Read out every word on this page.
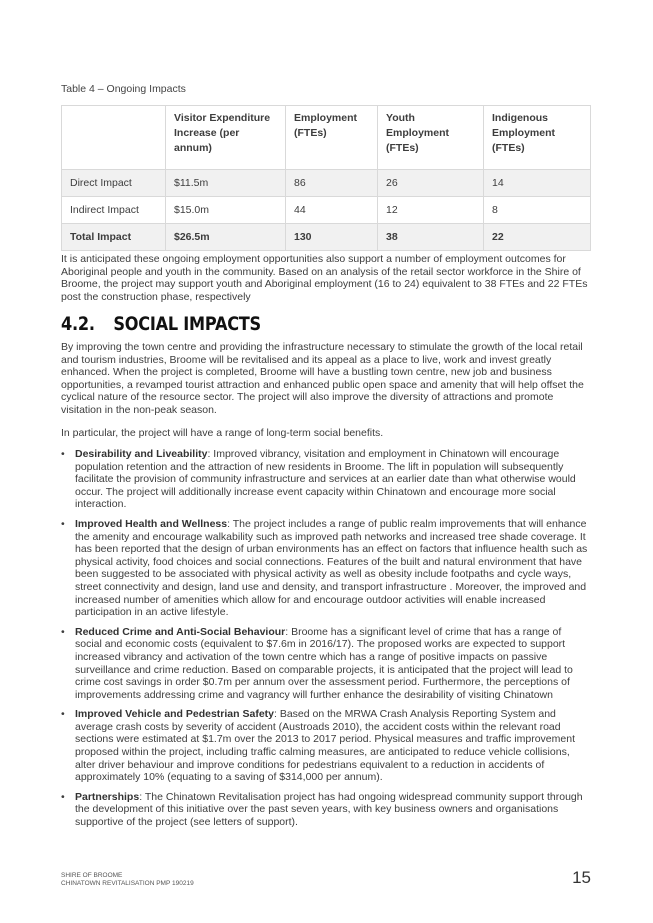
Table 4 – Ongoing Impacts
	Visitor Expenditure Increase (per annum)	Employment (FTEs)	Youth Employment (FTEs)	Indigenous Employment (FTEs)
Direct Impact	$11.5m	86	26	14
Indirect Impact	$15.0m	44	12	8
Total Impact	$26.5m	130	38	22
It is anticipated these ongoing employment opportunities also support a number of employment outcomes for Aboriginal people and youth in the community. Based on an analysis of the retail sector workforce in the Shire of Broome, the project may support youth and Aboriginal employment (16 to 24) equivalent to 38 FTEs and 22 FTEs post the construction phase, respectively
4.2. SOCIAL IMPACTS
By improving the town centre and providing the infrastructure necessary to stimulate the growth of the local retail and tourism industries, Broome will be revitalised and its appeal as a place to live, work and invest greatly enhanced. When the project is completed, Broome will have a bustling town centre, new job and business opportunities, a revamped tourist attraction and enhanced public open space and amenity that will help offset the cyclical nature of the resource sector. The project will also improve the diversity of attractions and promote visitation in the non-peak season.
In particular, the project will have a range of long-term social benefits.
• Desirability and Liveability: Improved vibrancy, visitation and employment in Chinatown will encourage population retention and the attraction of new residents in Broome. The lift in population will subsequently facilitate the provision of community infrastructure and services at an earlier date than what otherwise would occur. The project will additionally increase event capacity within Chinatown and encourage more social interaction.
• Improved Health and Wellness: The project includes a range of public realm improvements that will enhance the amenity and encourage walkability such as improved path networks and increased tree shade coverage. It has been reported that the design of urban environments has an effect on factors that influence health such as physical activity, food choices and social connections. Features of the built and natural environment that have been suggested to be associated with physical activity as well as obesity include footpaths and cycle ways, street connectivity and design, land use and density, and transport infrastructure . Moreover, the improved and increased number of amenities which allow for and encourage outdoor activities will enable increased participation in an active lifestyle.
• Reduced Crime and Anti-Social Behaviour: Broome has a significant level of crime that has a range of social and economic costs (equivalent to $7.6m in 2016/17). The proposed works are expected to support increased vibrancy and activation of the town centre which has a range of positive impacts on passive surveillance and crime reduction. Based on comparable projects, it is anticipated that the project will lead to crime cost savings in order $0.7m per annum over the assessment period. Furthermore, the perceptions of improvements addressing crime and vagrancy will further enhance the desirability of visiting Chinatown
• Improved Vehicle and Pedestrian Safety: Based on the MRWA Crash Analysis Reporting System and average crash costs by severity of accident (Austroads 2010), the accident costs within the relevant road sections were estimated at $1.7m over the 2013 to 2017 period. Physical measures and traffic improvement proposed within the project, including traffic calming measures, are anticipated to reduce vehicle collisions, alter driver behaviour and improve conditions for pedestrians equivalent to a reduction in accidents of approximately 10% (equating to a saving of $314,000 per annum).
• Partnerships: The Chinatown Revitalisation project has had ongoing widespread community support through the development of this initiative over the past seven years, with key business owners and organisations supportive of the project (see letters of support).
SHIRE OF BROOME
CHINATOWN REVITALISATION PMP 190219	15
